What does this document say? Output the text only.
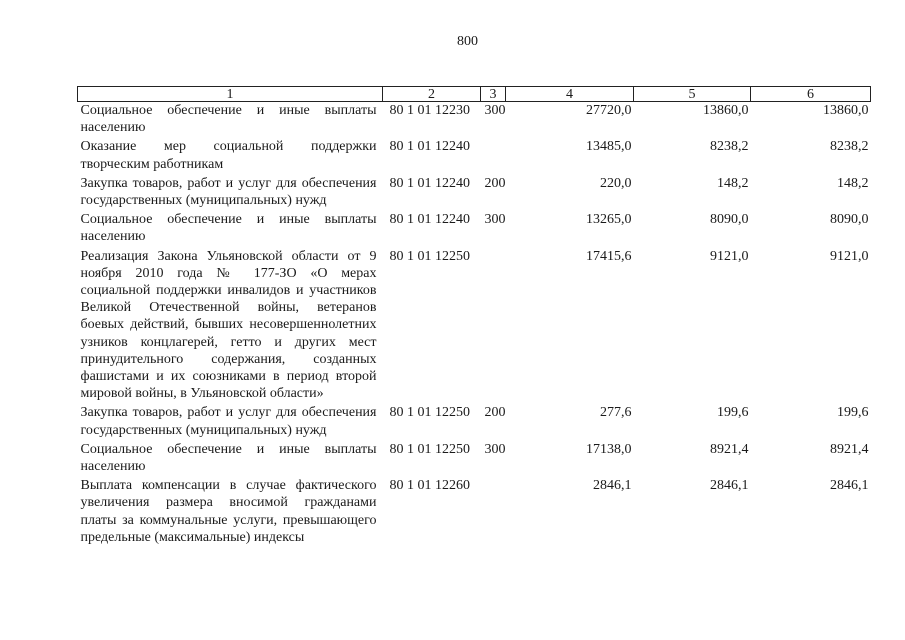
800
1	2	3	4	5	6
Социальное обеспечение и иные выплаты населению	80 1 01 12230	300	27720,0	13860,0	13860,0
Оказание мер социальной поддержки творческим работникам	80 1 01 12240		13485,0	8238,2	8238,2
Закупка товаров, работ и услуг для обеспечения государственных (муниципальных) нужд	80 1 01 12240	200	220,0	148,2	148,2
Социальное обеспечение и иные выплаты населению	80 1 01 12240	300	13265,0	8090,0	8090,0
Реализация Закона Ульяновской области от 9 ноября 2010 года № 177-ЗО «О мерах социальной поддержки инвалидов и участников Великой Отечественной войны, ветеранов боевых действий, бывших несовершеннолетних узников концлагерей, гетто и других мест принудительного содержания, созданных фашистами и их союзниками в период второй мировой войны, в Ульяновской области»	80 1 01 12250		17415,6	9121,0	9121,0
Закупка товаров, работ и услуг для обеспечения государственных (муниципальных) нужд	80 1 01 12250	200	277,6	199,6	199,6
Социальное обеспечение и иные выплаты населению	80 1 01 12250	300	17138,0	8921,4	8921,4
Выплата компенсации в случае фактического увеличения размера вносимой гражданами платы за коммунальные услуги, превышающего предельные (максимальные) индексы	80 1 01 12260		2846,1	2846,1	2846,1
